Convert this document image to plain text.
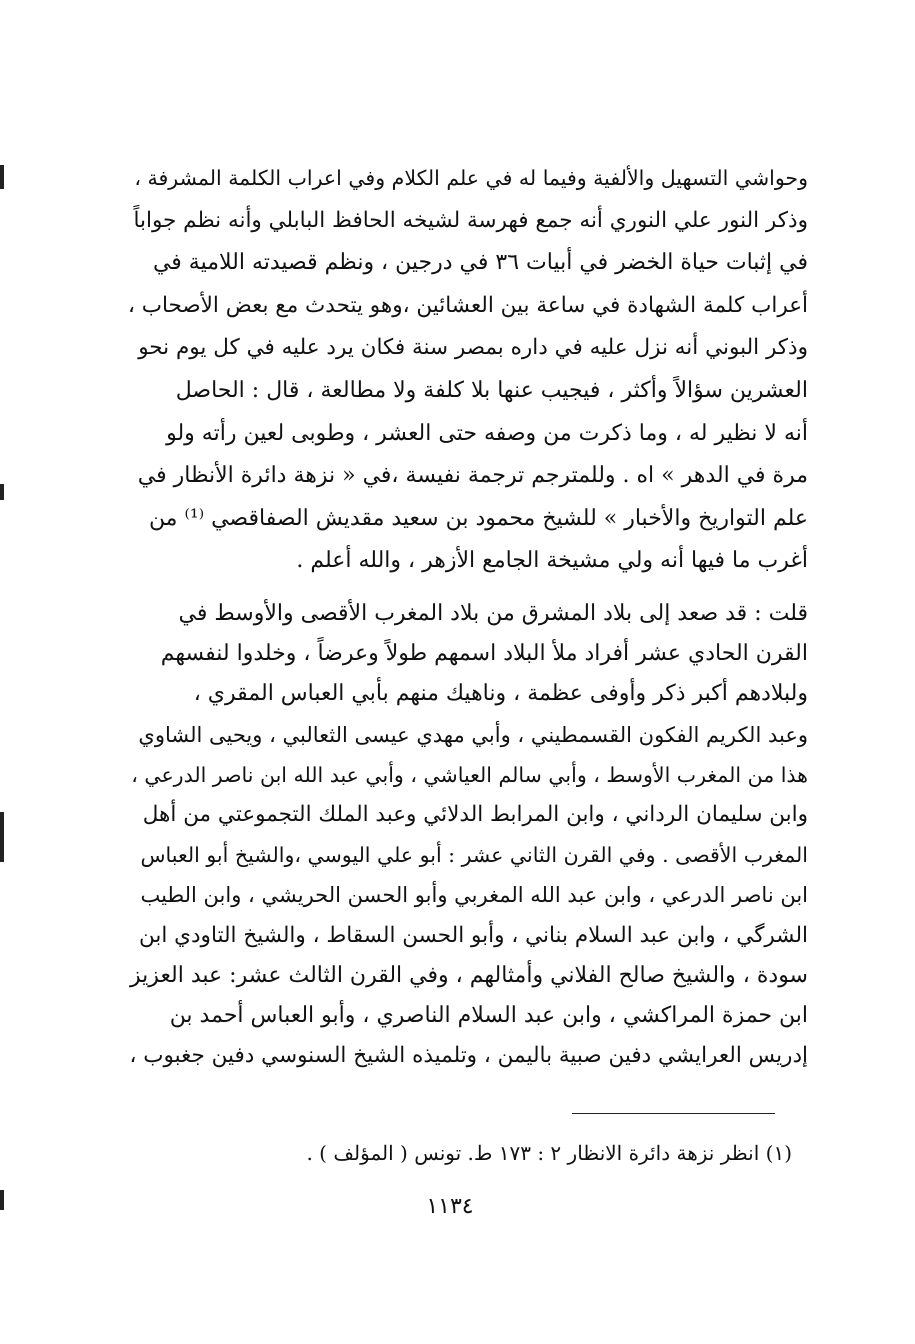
وحواشي التسهيل والألفية وفيما له في علم الكلام وفي اعراب الكلمة المشرفة ،
وذكر النور علي النوري أنه جمع فهرسة لشيخه الحافظ البابلي وأنه نظم جواباً
في إثبات حياة الخضر في أبيات ٣٦ في درجين ، ونظم قصيدته اللامية في
أعراب كلمة الشهادة في ساعة بين العشائين ،وهو يتحدث مع بعض الأصحاب ،
وذكر البوني أنه نزل عليه في داره بمصر سنة فكان يرد عليه في كل يوم نحو
العشرين سؤالاً وأكثر ، فيجيب عنها بلا كلفة ولا مطالعة ، قال : الحاصل
أنه لا نظير له ، وما ذكرت من وصفه حتى العشر ، وطوبى لعين رأته ولو
مرة في الدهر » اه . وللمترجم ترجمة نفيسة ،في « نزهة دائرة الأنظار في
علم التواريخ والأخبار » للشيخ محمود بن سعيد مقديش الصفاقصي ⁽¹⁾ من
أغرب ما فيها أنه ولي مشيخة الجامع الأزهر ، والله أعلم .
قلت : قد صعد إلى بلاد المشرق من بلاد المغرب الأقصى والأوسط في
القرن الحادي عشر أفراد ملأ البلاد اسمهم طولاً وعرضاً ، وخلدوا لنفسهم
ولبلادهم أكبر ذكر وأوفى عظمة ، وناهيك منهم بأبي العباس المقري ،
وعبد الكريم الفكون القسمطيني ، وأبي مهدي عيسى الثعالبي ، ويحيى الشاوي
هذا من المغرب الأوسط ، وأبي سالم العياشي ، وأبي عبد الله ابن ناصر الدرعي ،
وابن سليمان الرداني ، وابن المرابط الدلائي وعبد الملك التجموعتي من أهل
المغرب الأقصى . وفي القرن الثاني عشر : أبو علي اليوسي ،والشيخ أبو العباس
ابن ناصر الدرعي ، وابن عبد الله المغربي وأبو الحسن الحريشي ، وابن الطيب
الشرگي ، وابن عبد السلام بناني ، وأبو الحسن السقاط ، والشيخ التاودي ابن
سودة ، والشيخ صالح الفلاني وأمثالهم ، وفي القرن الثالث عشر: عبد العزيز
ابن حمزة المراكشي ، وابن عبد السلام الناصري ، وأبو العباس أحمد بن
إدريس العرايشي دفين صبية باليمن ، وتلميذه الشيخ السنوسي دفين جغبوب ،
(١) انظر نزهة دائرة الانظار ٢ : ١٧٣ ط. تونس ( المؤلف ) .
١١٣٤
